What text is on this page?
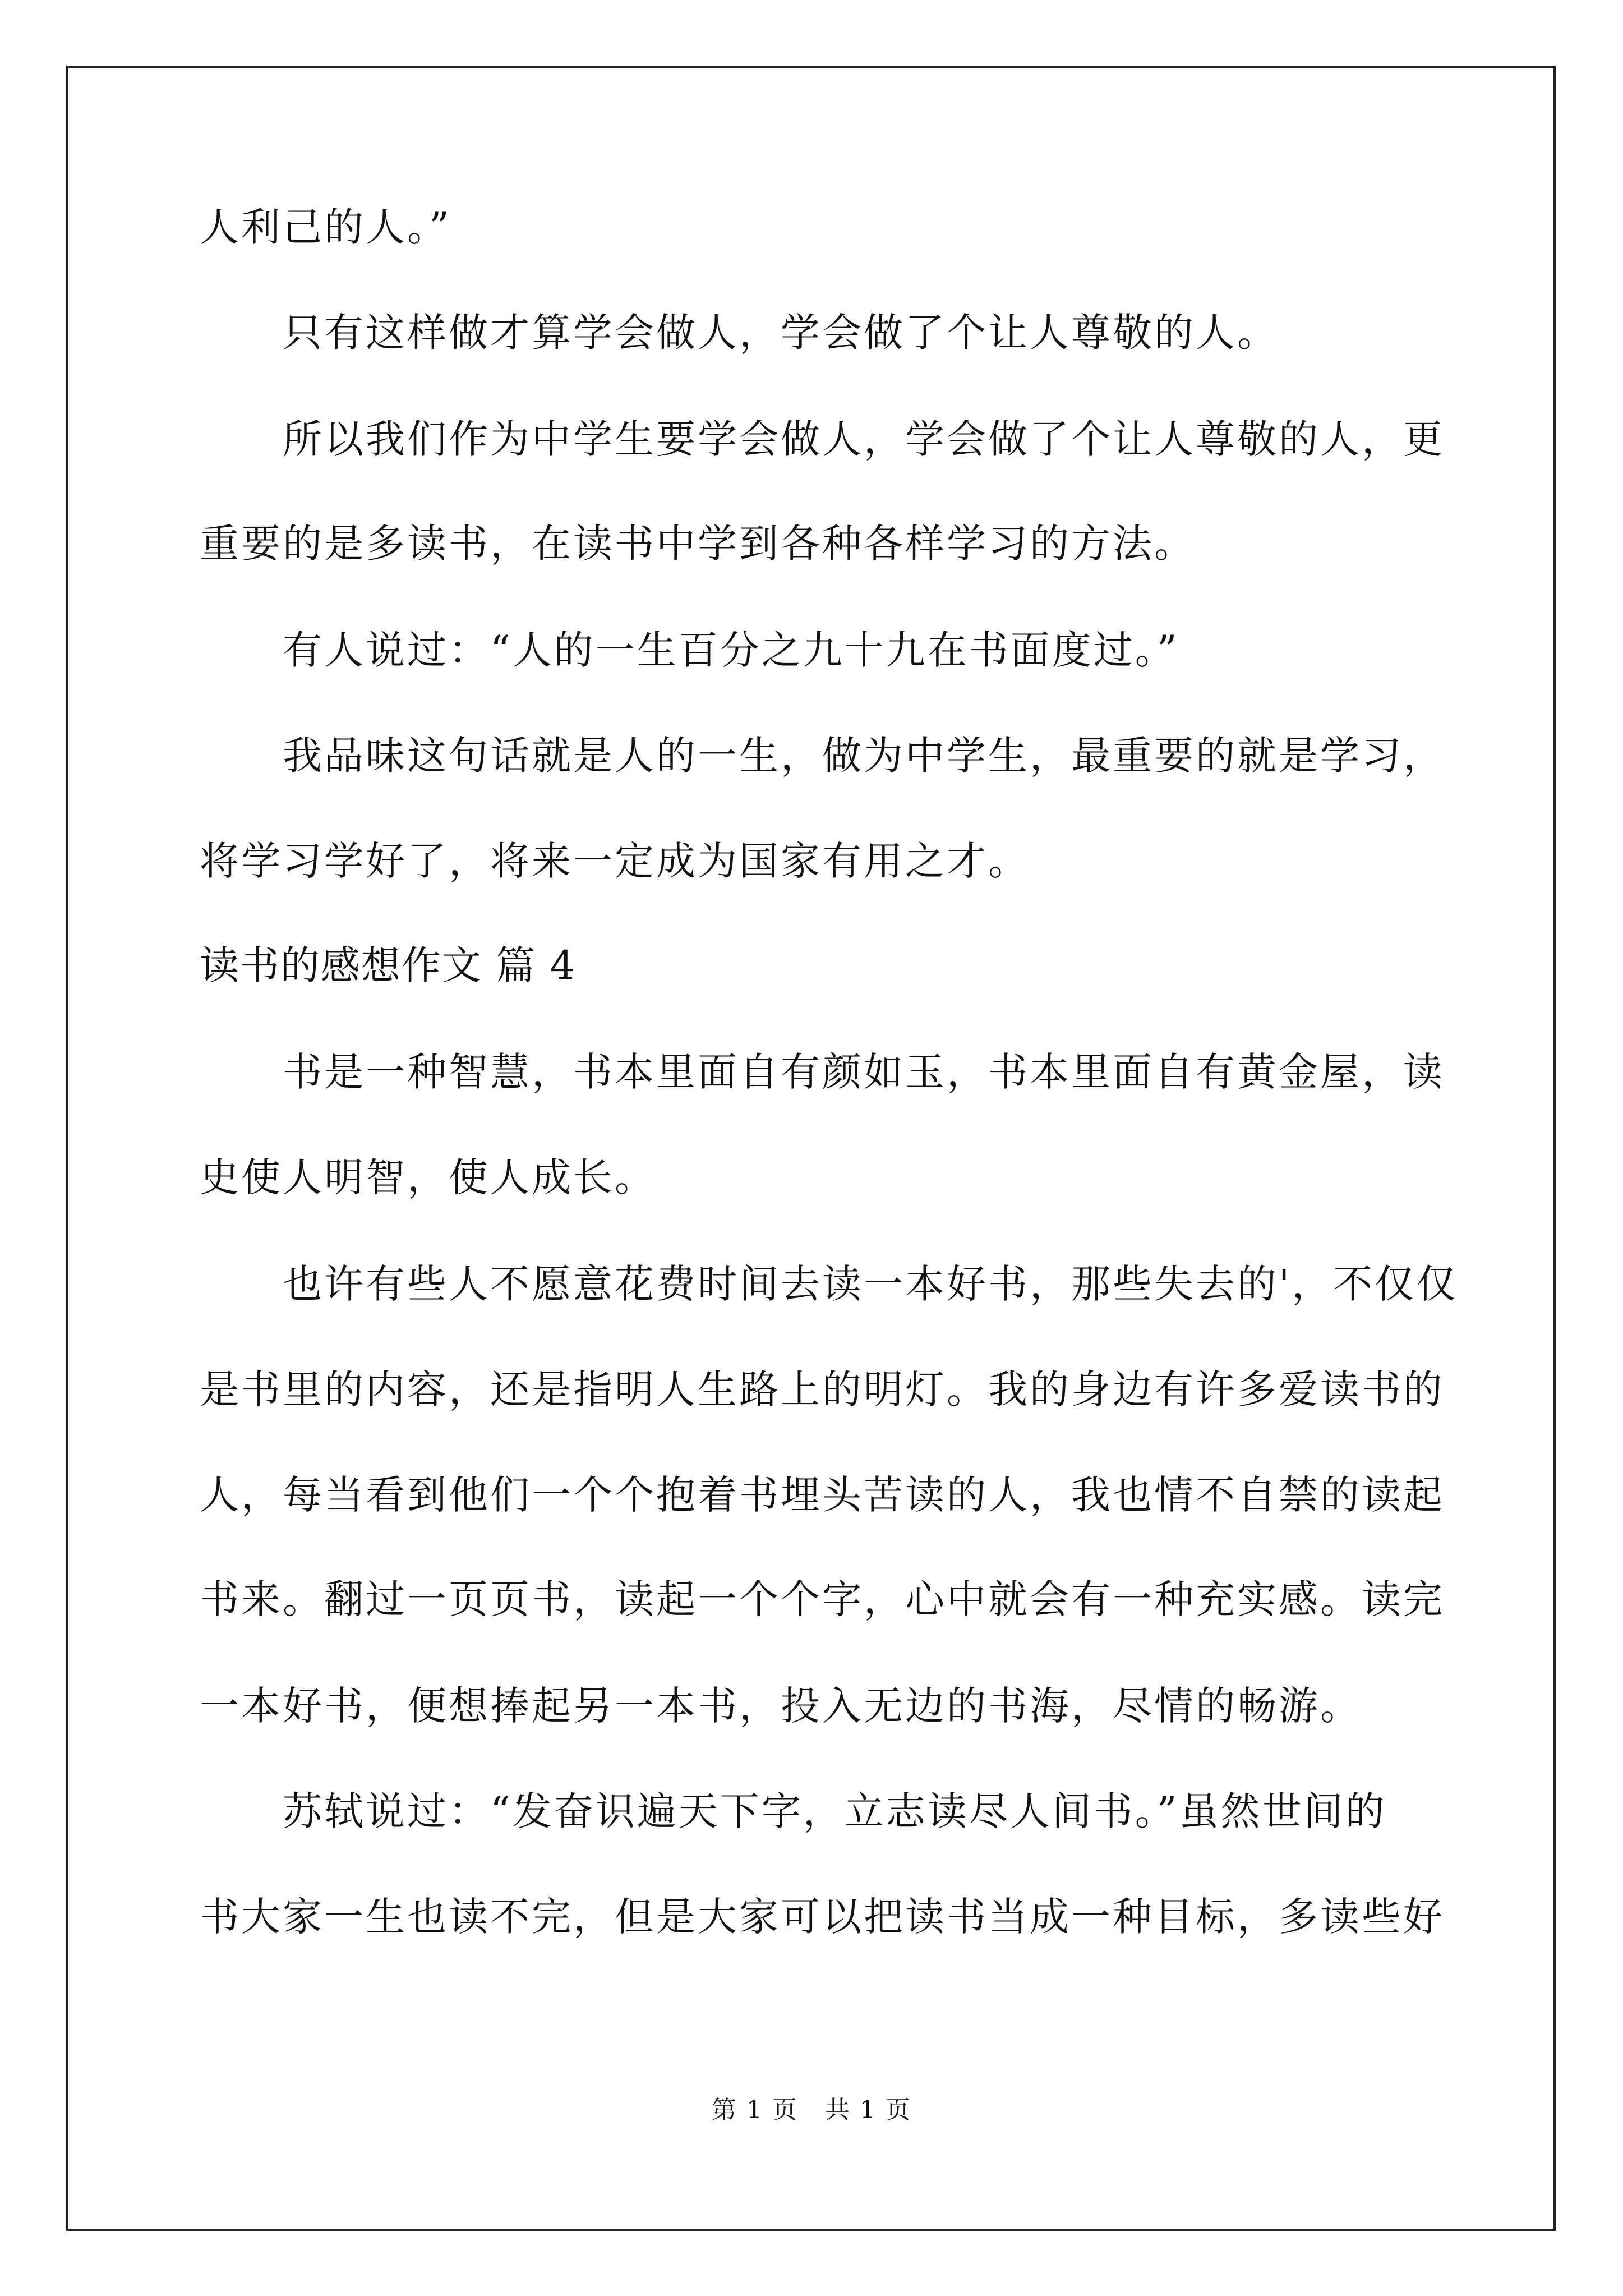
人利己的人。”
只有这样做才算学会做人，学会做了个让人尊敬的人。
所以我们作为中学生要学会做人，学会做了个让人尊敬的人，更
重要的是多读书，在读书中学到各种各样学习的方法。
有人说过：“人的一生百分之九十九在书面度过。”
我品味这句话就是人的一生，做为中学生，最重要的就是学习，
将学习学好了，将来一定成为国家有用之才。
读书的感想作文 篇 4
书是一种智慧，书本里面自有颜如玉，书本里面自有黄金屋，读
史使人明智，使人成长。
也许有些人不愿意花费时间去读一本好书，那些失去的'，不仅仅
是书里的内容，还是指明人生路上的明灯。我的身边有许多爱读书的
人，每当看到他们一个个抱着书埋头苦读的人，我也情不自禁的读起
书来。翻过一页页书，读起一个个字，心中就会有一种充实感。读完
一本好书，便想捧起另一本书，投入无边的书海，尽情的畅游。
苏轼说过：“发奋识遍天下字，立志读尽人间书。”虽然世间的
书大家一生也读不完，但是大家可以把读书当成一种目标，多读些好
第 1 页   共 1 页
